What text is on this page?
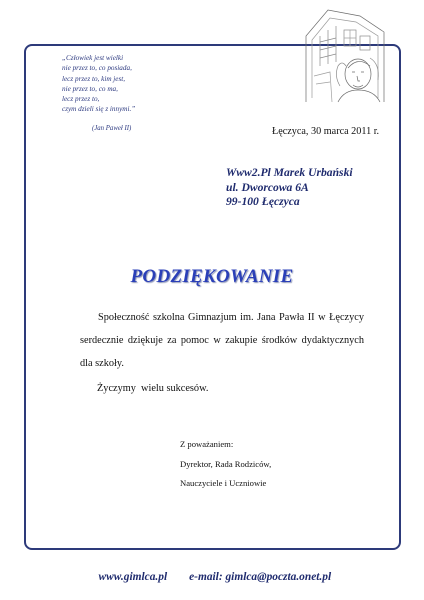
„Człowiek jest wielki
nie przez to, co posiada,
lecz przez to, kim jest,
nie przez to, co ma,
lecz przez to,
czym dzieli się z innymi.”
(Jan Paweł II)	Łęczyca, 30 marca 2011 r.
Www2.Pl Marek Urbański
ul. Dworcowa 6A
99-100 Łęczyca
PODZIĘKOWANIE

Społeczność szkolna Gimnazjum im. Jana Pawła II w Łęczycy serdecznie dziękuje za pomoc w zakupie środków dydaktycznych dla szkoły.

Życzymy  wielu sukcesów.
Z poważaniem:
Dyrektor, Rada Rodziców,
Nauczyciele i Uczniowie

www.gimlca.pl e-mail: gimlca@poczta.onet.pl
